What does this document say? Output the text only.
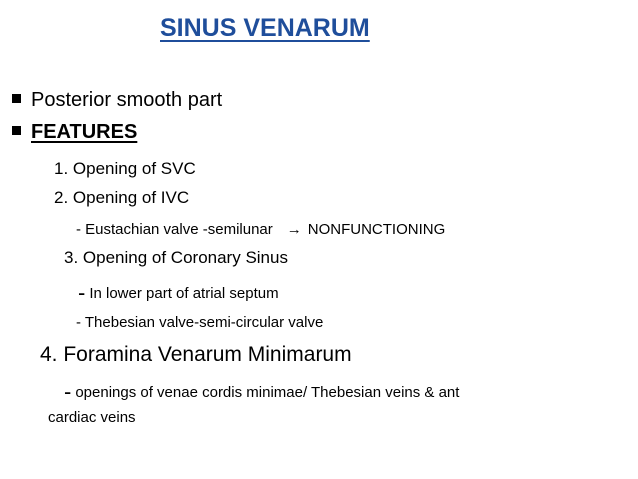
SINUS VENARUM
Posterior smooth part
FEATURES
1. Opening of SVC
2. Opening of IVC
- Eustachian valve -semilunar → NONFUNCTIONING
3. Opening of Coronary Sinus
- In lower part of atrial septum
- Thebesian valve-semi-circular valve
4. Foramina Venarum Minimarum
- openings of venae cordis minimae/ Thebesian veins & ant
cardiac veins
